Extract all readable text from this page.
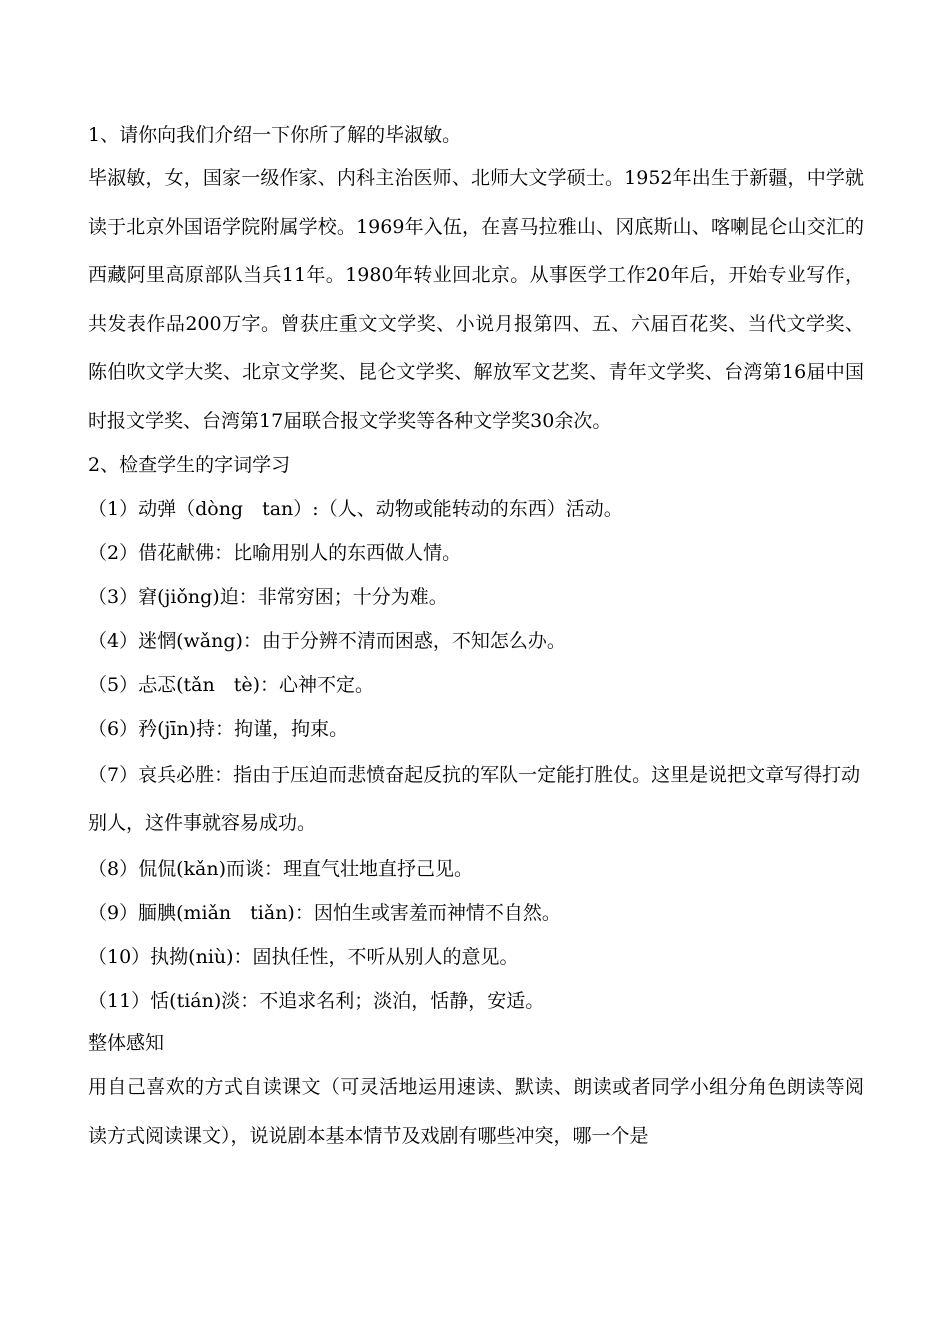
1、请你向我们介绍一下你所了解的毕淑敏。

毕淑敏，女，国家一级作家、内科主治医师、北师大文学硕士。1952年出生于新疆，中学就读于北京外国语学院附属学校。1969年入伍，在喜马拉雅山、冈底斯山、喀喇昆仑山交汇的西藏阿里高原部队当兵11年。1980年转业回北京。从事医学工作20年后，开始专业写作，共发表作品200万字。曾获庄重文文学奖、小说月报第四、五、六届百花奖、当代文学奖、陈伯吹文学大奖、北京文学奖、昆仑文学奖、解放军文艺奖、青年文学奖、台湾第16届中国时报文学奖、台湾第17届联合报文学奖等各种文学奖30余次。

2、检查学生的字词学习

（1）动弹（dòng　tan）:（人、动物或能转动的东西）活动。
（2）借花献佛：比喻用别人的东西做人情。
（3）窘(jiǒng)迫：非常穷困；十分为难。
（4）迷惘(wǎng)：由于分辨不清而困惑，不知怎么办。
（5）忐忑(tǎn　tè)：心神不定。
（6）矜(jīn)持：拘谨，拘束。
（7）哀兵必胜：指由于压迫而悲愤奋起反抗的军队一定能打胜仗。这里是说把文章写得打动别人，这件事就容易成功。
（8）侃侃(kǎn)而谈：理直气壮地直抒己见。
（9）腼腆(miǎn　tiǎn)：因怕生或害羞而神情不自然。
（10）执拗(niù)：固执任性，不听从别人的意见。
（11）恬(tián)淡：不追求名利；淡泊，恬静，安适。

整体感知

用自己喜欢的方式自读课文（可灵活地运用速读、默读、朗读或者同学小组分角色朗读等阅读方式阅读课文），说说剧本基本情节及戏剧有哪些冲突，哪一个是
